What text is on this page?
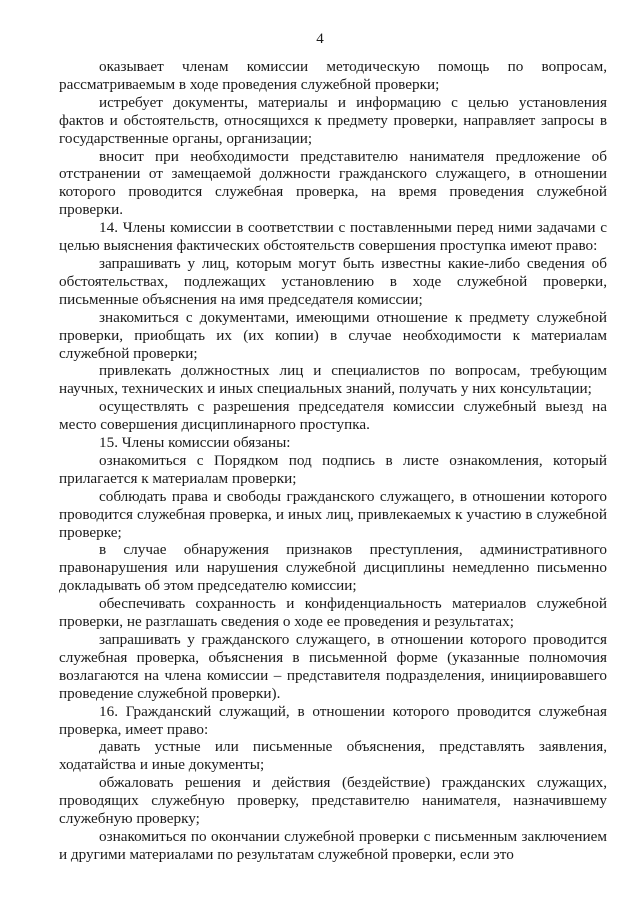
4

оказывает членам комиссии методическую помощь по вопросам, рассматриваемым в ходе проведения служебной проверки;

истребует документы, материалы и информацию с целью установления фактов и обстоятельств, относящихся к предмету проверки, направляет запросы в государственные органы, организации;

вносит при необходимости представителю нанимателя предложение об отстранении от замещаемой должности гражданского служащего, в отношении которого проводится служебная проверка, на время проведения служебной проверки.

14. Члены комиссии в соответствии с поставленными перед ними задачами с целью выяснения фактических обстоятельств совершения проступка имеют право:

запрашивать у лиц, которым могут быть известны какие-либо сведения об обстоятельствах, подлежащих установлению в ходе служебной проверки, письменные объяснения на имя председателя комиссии;

знакомиться с документами, имеющими отношение к предмету служебной проверки, приобщать их (их копии) в случае необходимости к материалам служебной проверки;

привлекать должностных лиц и специалистов по вопросам, требующим научных, технических и иных специальных знаний, получать у них консультации;

осуществлять с разрешения председателя комиссии служебный выезд на место совершения дисциплинарного проступка.

15. Члены комиссии обязаны:

ознакомиться с Порядком под подпись в листе ознакомления, который прилагается к материалам проверки;

соблюдать права и свободы гражданского служащего, в отношении которого проводится служебная проверка, и иных лиц, привлекаемых к участию в служебной проверке;

в случае обнаружения признаков преступления, административного правонарушения или нарушения служебной дисциплины немедленно письменно докладывать об этом председателю комиссии;

обеспечивать сохранность и конфиденциальность материалов служебной проверки, не разглашать сведения о ходе ее проведения и результатах;

запрашивать у гражданского служащего, в отношении которого проводится служебная проверка, объяснения в письменной форме (указанные полномочия возлагаются на члена комиссии – представителя подразделения, инициировавшего проведение служебной проверки).

16. Гражданский служащий, в отношении которого проводится служебная проверка, имеет право:

давать устные или письменные объяснения, представлять заявления, ходатайства и иные документы;

обжаловать решения и действия (бездействие) гражданских служащих, проводящих служебную проверку, представителю нанимателя, назначившему служебную проверку;

ознакомиться по окончании служебной проверки с письменным заключением и другими материалами по результатам служебной проверки, если это
